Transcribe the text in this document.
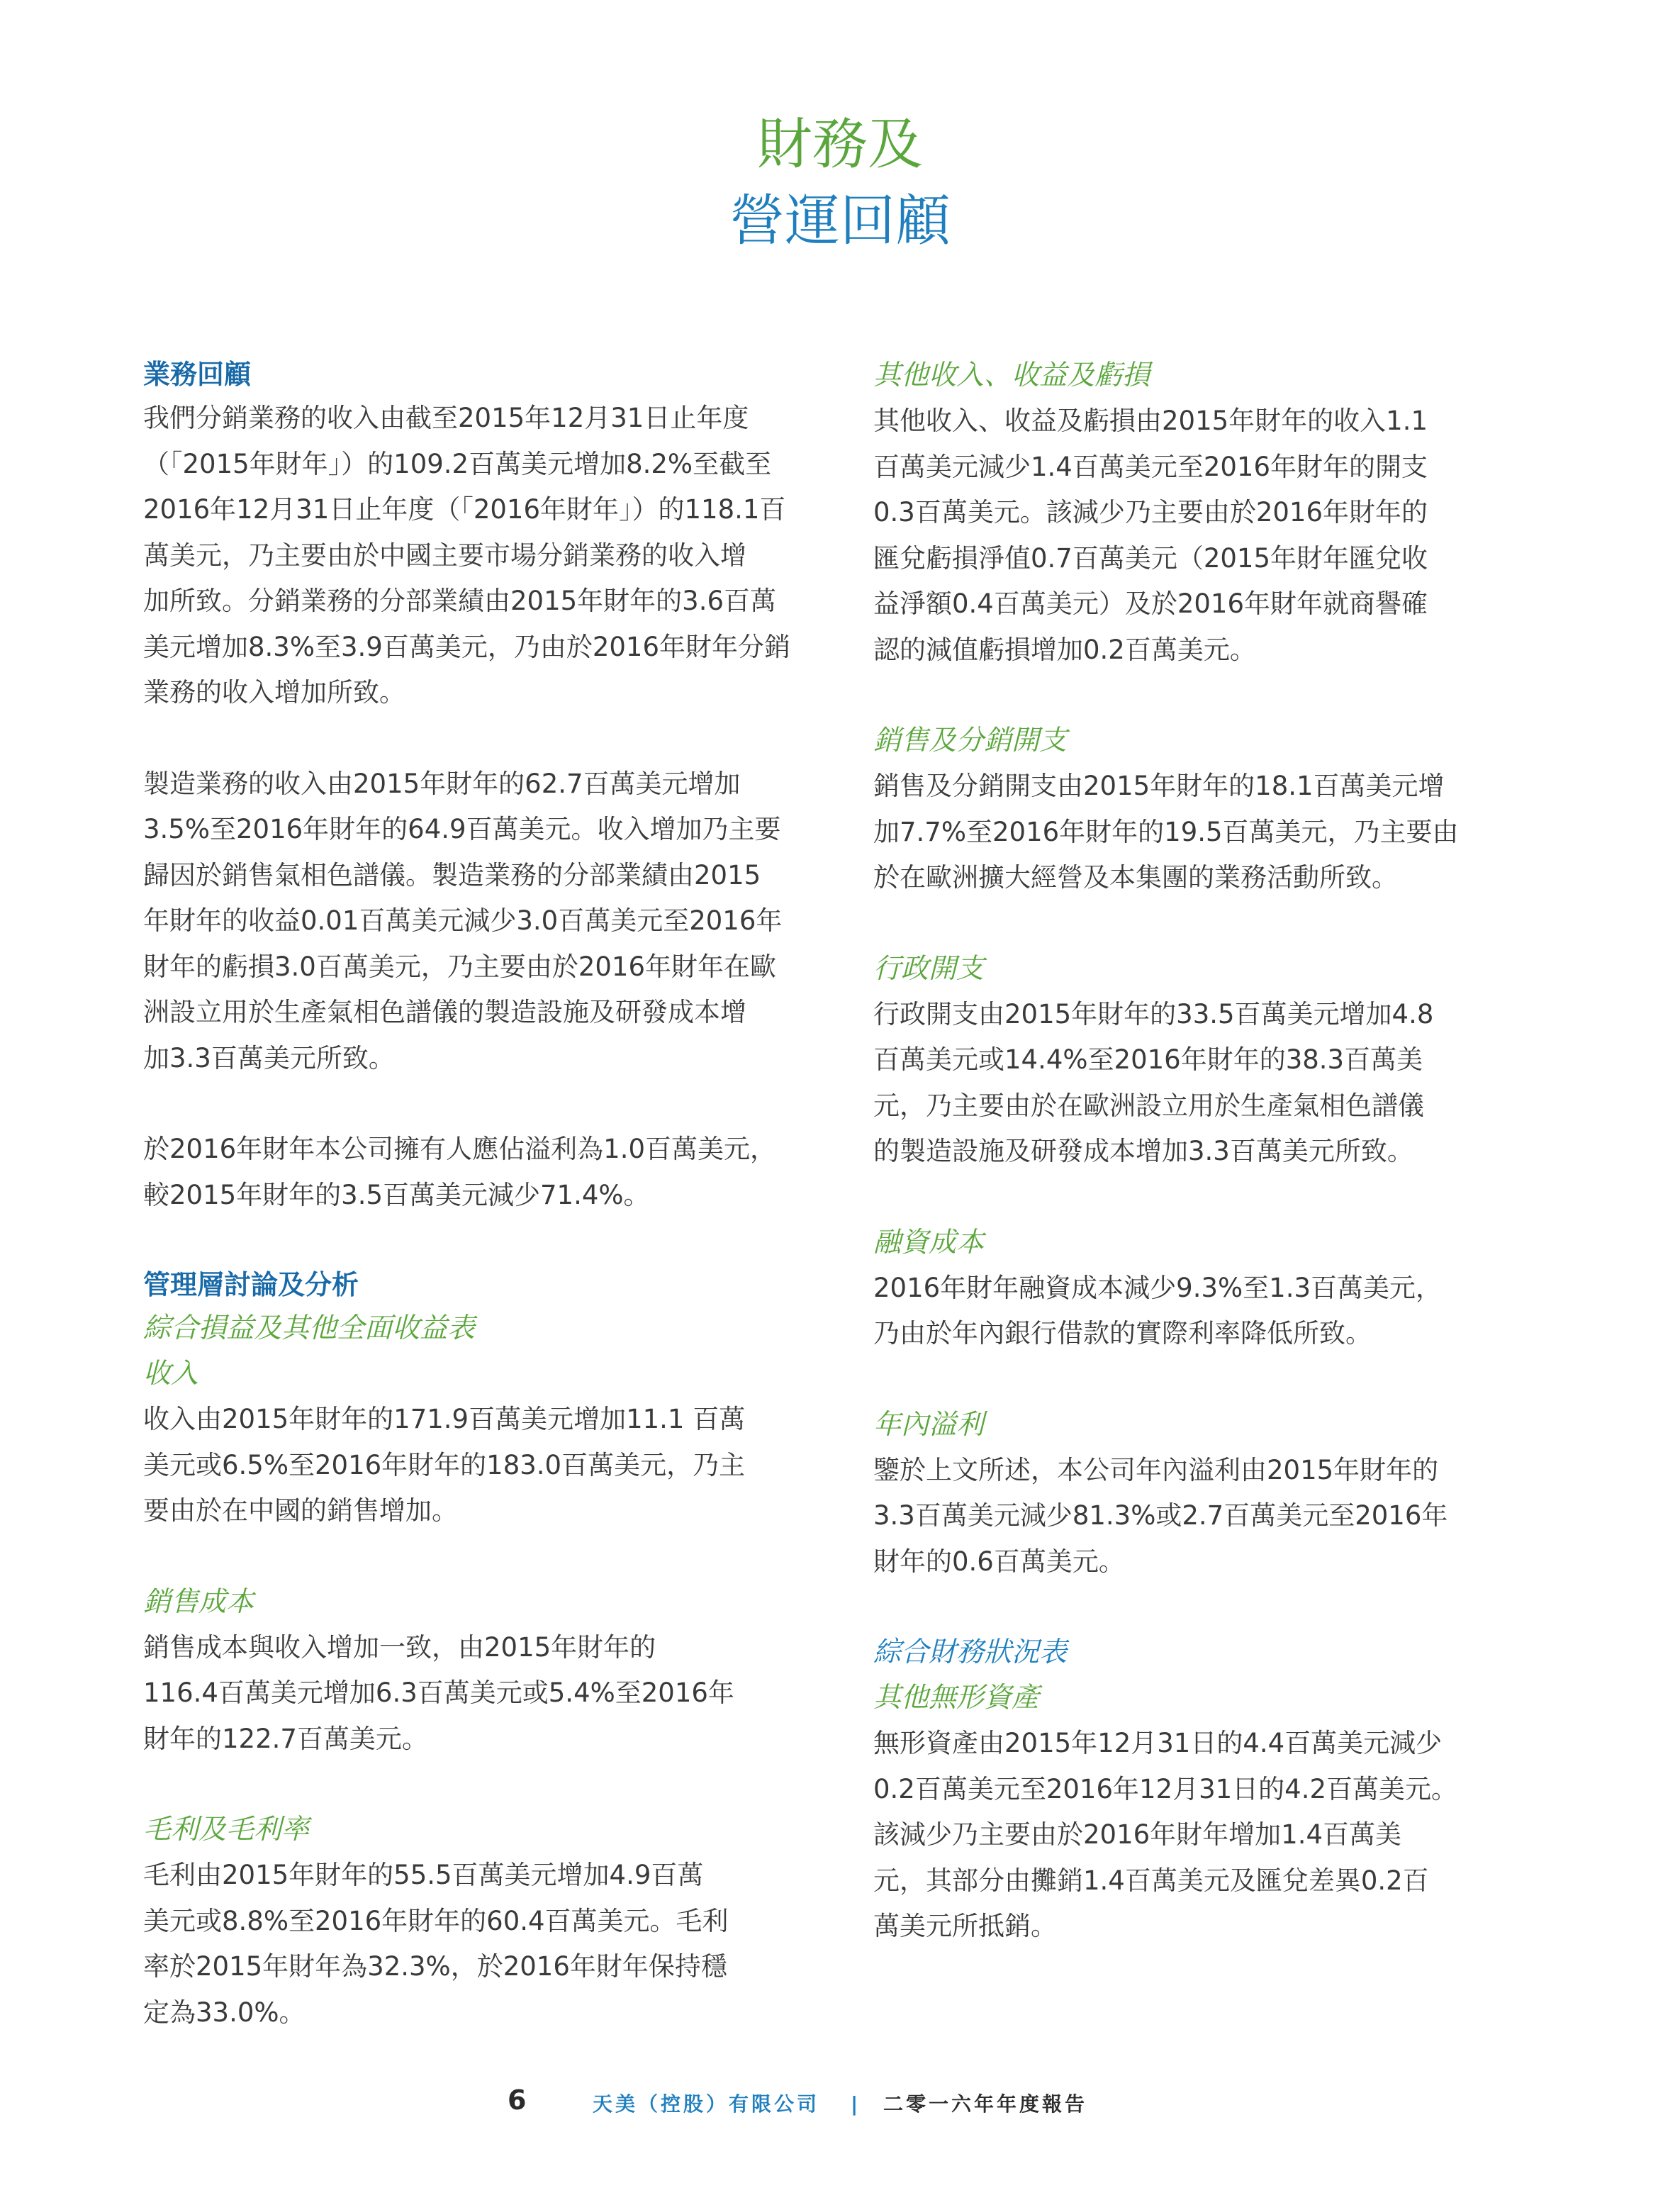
財務及
營運回顧
業務回顧
我們分銷業務的收入由截至2015年12月31日止年度
（「2015年財年」）的109.2百萬美元增加8.2%至截至
2016年12月31日止年度（「2016年財年」）的118.1百
萬美元，乃主要由於中國主要市場分銷業務的收入增
加所致。分銷業務的分部業績由2015年財年的3.6百萬
美元增加8.3%至3.9百萬美元，乃由於2016年財年分銷
業務的收入增加所致。
製造業務的收入由2015年財年的62.7百萬美元增加
3.5%至2016年財年的64.9百萬美元。收入增加乃主要
歸因於銷售氣相色譜儀。製造業務的分部業績由2015
年財年的收益0.01百萬美元減少3.0百萬美元至2016年
財年的虧損3.0百萬美元，乃主要由於2016年財年在歐
洲設立用於生產氣相色譜儀的製造設施及研發成本增
加3.3百萬美元所致。
於2016年財年本公司擁有人應佔溢利為1.0百萬美元，
較2015年財年的3.5百萬美元減少71.4%。
管理層討論及分析
綜合損益及其他全面收益表
收入
收入由2015年財年的171.9百萬美元增加11.1 百萬
美元或6.5%至2016年財年的183.0百萬美元，乃主
要由於在中國的銷售增加。
銷售成本
銷售成本與收入增加一致，由2015年財年的
116.4百萬美元增加6.3百萬美元或5.4%至2016年
財年的122.7百萬美元。
毛利及毛利率
毛利由2015年財年的55.5百萬美元增加4.9百萬
美元或8.8%至2016年財年的60.4百萬美元。毛利
率於2015年財年為32.3%，於2016年財年保持穩
定為33.0%。
其他收入、收益及虧損
其他收入、收益及虧損由2015年財年的收入1.1
百萬美元減少1.4百萬美元至2016年財年的開支
0.3百萬美元。該減少乃主要由於2016年財年的
匯兌虧損淨值0.7百萬美元（2015年財年匯兌收
益淨額0.4百萬美元）及於2016年財年就商譽確
認的減值虧損增加0.2百萬美元。
銷售及分銷開支
銷售及分銷開支由2015年財年的18.1百萬美元增
加7.7%至2016年財年的19.5百萬美元，乃主要由
於在歐洲擴大經營及本集團的業務活動所致。
行政開支
行政開支由2015年財年的33.5百萬美元增加4.8
百萬美元或14.4%至2016年財年的38.3百萬美
元，乃主要由於在歐洲設立用於生產氣相色譜儀
的製造設施及研發成本增加3.3百萬美元所致。
融資成本
2016年財年融資成本減少9.3%至1.3百萬美元，
乃由於年內銀行借款的實際利率降低所致。
年內溢利
鑒於上文所述，本公司年內溢利由2015年財年的
3.3百萬美元減少81.3%或2.7百萬美元至2016年
財年的0.6百萬美元。
綜合財務狀況表
其他無形資產
無形資產由2015年12月31日的4.4百萬美元減少
0.2百萬美元至2016年12月31日的4.2百萬美元。
該減少乃主要由於2016年財年增加1.4百萬美
元，其部分由攤銷1.4百萬美元及匯兌差異0.2百
萬美元所抵銷。
6	天美（控股）有限公司 | 二零一六年年度報告
